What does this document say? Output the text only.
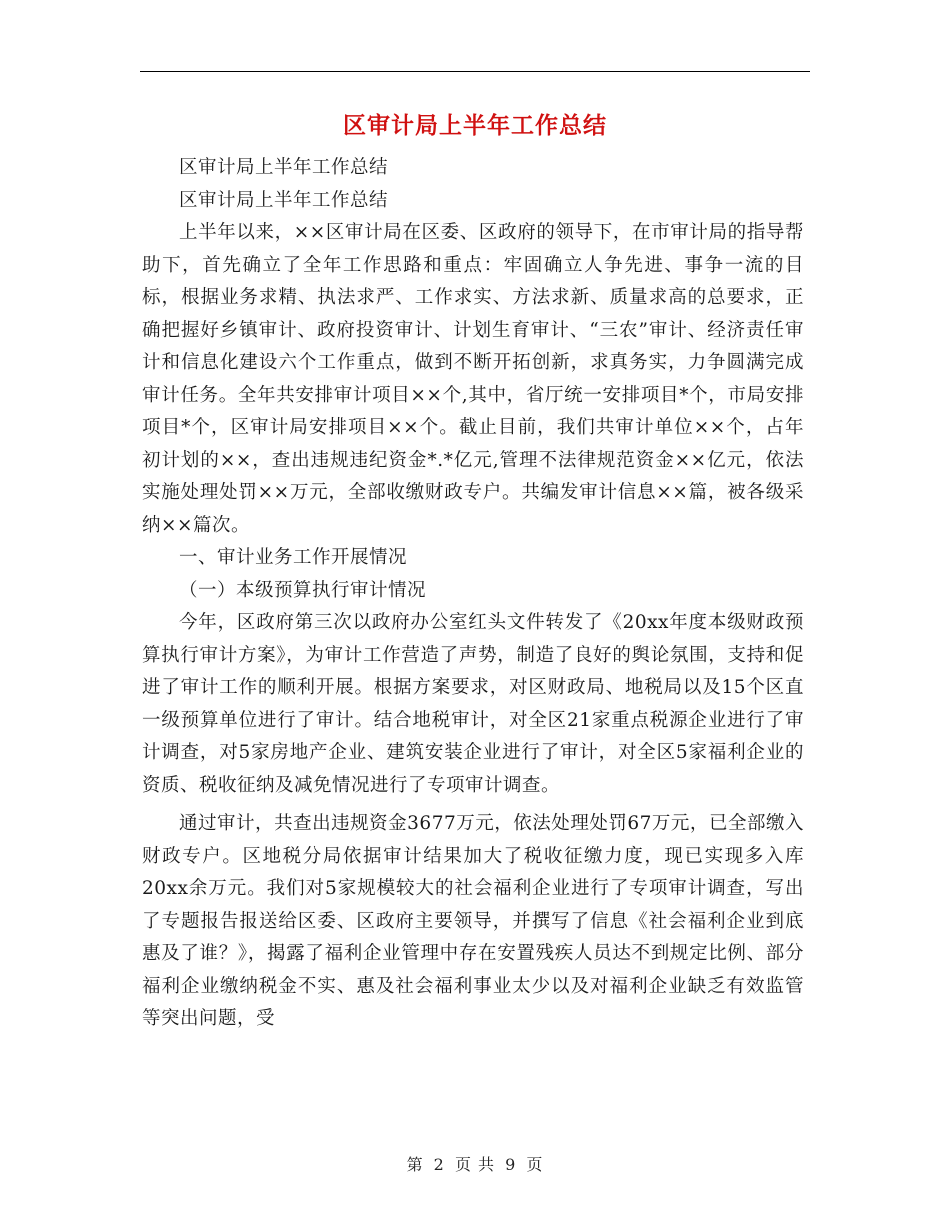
区审计局上半年工作总结

区审计局上半年工作总结

区审计局上半年工作总结

上半年以来，××区审计局在区委、区政府的领导下，在市审计局的指导帮助下，首先确立了全年工作思路和重点：牢固确立人争先进、事争一流的目标，根据业务求精、执法求严、工作求实、方法求新、质量求高的总要求，正确把握好乡镇审计、政府投资审计、计划生育审计、“三农”审计、经济责任审计和信息化建设六个工作重点，做到不断开拓创新，求真务实，力争圆满完成审计任务。全年共安排审计项目××个,其中，省厅统一安排项目*个，市局安排项目*个，区审计局安排项目××个。截止目前，我们共审计单位××个，占年初计划的××，查出违规违纪资金*.*亿元,管理不法律规范资金××亿元，依法实施处理处罚××万元，全部收缴财政专户。共编发审计信息××篇，被各级采纳××篇次。

一、审计业务工作开展情况

（一）本级预算执行审计情况

今年，区政府第三次以政府办公室红头文件转发了《20xx年度本级财政预算执行审计方案》，为审计工作营造了声势，制造了良好的舆论氛围，支持和促进了审计工作的顺利开展。根据方案要求，对区财政局、地税局以及15个区直一级预算单位进行了审计。结合地税审计，对全区21家重点税源企业进行了审计调查，对5家房地产企业、建筑安装企业进行了审计，对全区5家福利企业的资质、税收征纳及减免情况进行了专项审计调查。

通过审计，共查出违规资金3677万元，依法处理处罚67万元，已全部缴入财政专户。区地税分局依据审计结果加大了税收征缴力度，现已实现多入库20xx余万元。我们对5家规模较大的社会福利企业进行了专项审计调查，写出了专题报告报送给区委、区政府主要领导，并撰写了信息《社会福利企业到底惠及了谁？》，揭露了福利企业管理中存在安置残疾人员达不到规定比例、部分福利企业缴纳税金不实、惠及社会福利事业太少以及对福利企业缺乏有效监管等突出问题，受

第 2 页 共 9 页
